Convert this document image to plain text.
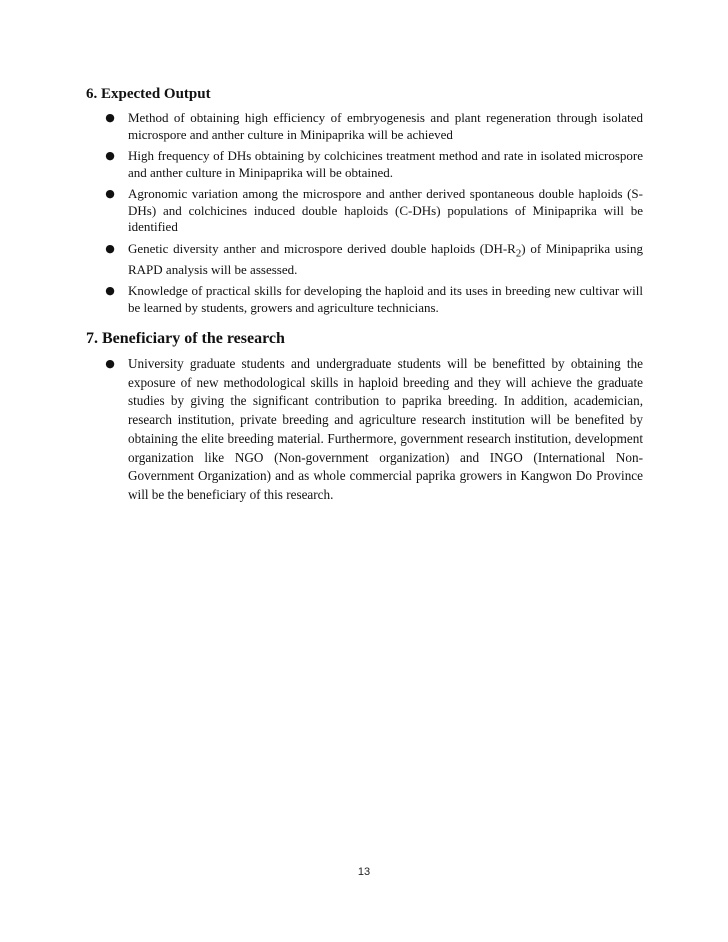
6. Expected Output
● Method of obtaining high efficiency of embryogenesis and plant regeneration through isolated microspore and anther culture in Minipaprika will be achieved
● High frequency of DHs obtaining by colchicines treatment method and rate in isolated microspore and anther culture in Minipaprika will be obtained.
● Agronomic variation among the microspore and anther derived spontaneous double haploids (S-DHs) and colchicines induced double haploids (C-DHs) populations of Minipaprika will be identified
● Genetic diversity anther and microspore derived double haploids $(DH-R_2)$ of Minipaprika using RAPD analysis will be assessed.
● Knowledge of practical skills for developing the haploid and its uses in breeding new cultivar will be learned by students, growers and agriculture technicians.
7. Beneficiary of the research
● University graduate students and undergraduate students will be benefitted by obtaining the exposure of new methodological skills in haploid breeding and they will achieve the graduate studies by giving the significant contribution to paprika breeding. In addition, academician, research institution, private breeding and agriculture research institution will be benefited by obtaining the elite breeding material. Furthermore, government research institution, development organization like NGO (Non-government organization) and INGO (International Non-Government Organization) and as whole commercial paprika growers in Kangwon Do Province will be the beneficiary of this research.
13
